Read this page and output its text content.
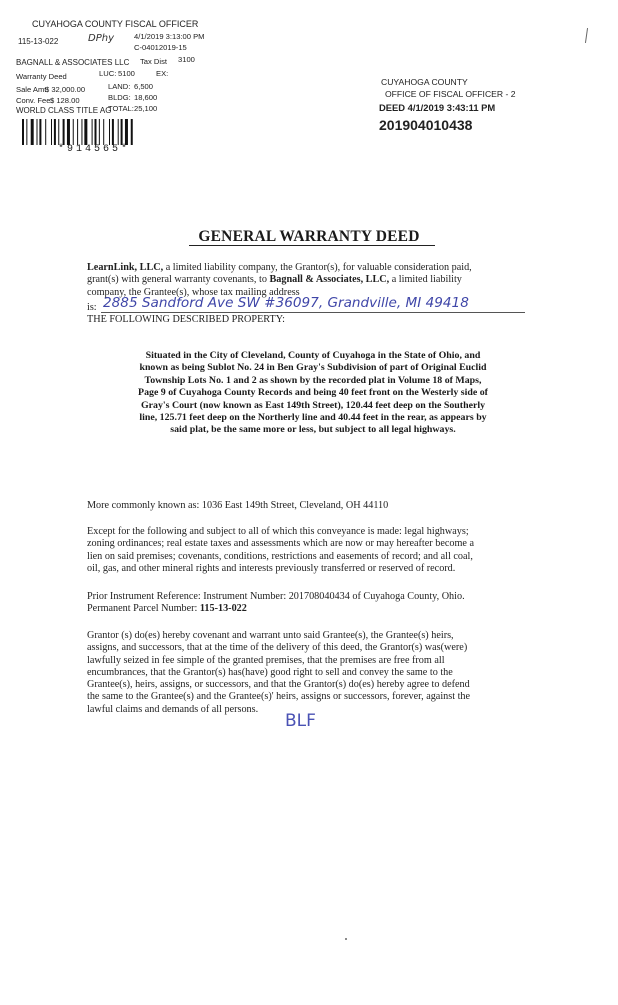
CUYAHOGA COUNTY FISCAL OFFICER
115-13-022	DPhy	4/1/2019 3:13:00 PM
C-04012019-15
BAGNALL & ASSOCIATES LLC Tax Dist 3100
Warranty Deed	LUC: 5100	EX:
Sale Amt:
$ 32,000.00	LAND: 6,500
Conv. Fee:
$ 128.00	BLDG: 18,600
WORLD CLASS TITLE AG
TOTAL: 25,100
*914565*
CUYAHOGA COUNTY
OFFICE OF FISCAL OFFICER - 2
DEED 4/1/2019 3:43:11 PM
201904010438
GENERAL WARRANTY DEED
LearnLink, LLC, a limited liability company, the Grantor(s), for valuable consideration paid,
grant(s) with general warranty covenants, to Bagnall & Associates, LLC, a limited liability
company, the Grantee(s), whose tax mailing address
is: 2885 Sandford Ave SW #36097, Grandville, MI 49418
THE FOLLOWING DESCRIBED PROPERTY:
Situated in the City of Cleveland, County of Cuyahoga in the State of Ohio, and
known as being Sublot No. 24 in Ben Gray's Subdivision of part of Original Euclid
Township Lots No. 1 and 2 as shown by the recorded plat in Volume 18 of Maps,
Page 9 of Cuyahoga County Records and being 40 feet front on the Westerly side of
Gray's Court (now known as East 149th Street), 120.44 feet deep on the Southerly
line, 125.71 feet deep on the Northerly line and 40.44 feet in the rear, as appears by
said plat, be the same more or less, but subject to all legal highways.
More commonly known as: 1036 East 149th Street, Cleveland, OH 44110
Except for the following and subject to all of which this conveyance is made: legal highways;
zoning ordinances; real estate taxes and assessments which are now or may hereafter become a
lien on said premises; covenants, conditions, restrictions and easements of record; and all coal,
oil, gas, and other mineral rights and interests previously transferred or reserved of record.
Prior Instrument Reference: Instrument Number: 201708040434 of Cuyahoga County, Ohio.
Permanent Parcel Number: 115-13-022
Grantor (s) do(es) hereby covenant and warrant unto said Grantee(s), the Grantee(s) heirs,
assigns, and successors, that at the time of the delivery of this deed, the Grantor(s) was(were)
lawfully seized in fee simple of the granted premises, that the premises are free from all
encumbrances, that the Grantor(s) has(have) good right to sell and convey the same to the
Grantee(s), heirs, assigns, or successors, and that the Grantor(s) do(es) hereby agree to defend
the same to the Grantee(s) and the Grantee(s)' heirs, assigns or successors, forever, against the
lawful claims and demands of all persons.
BLF
